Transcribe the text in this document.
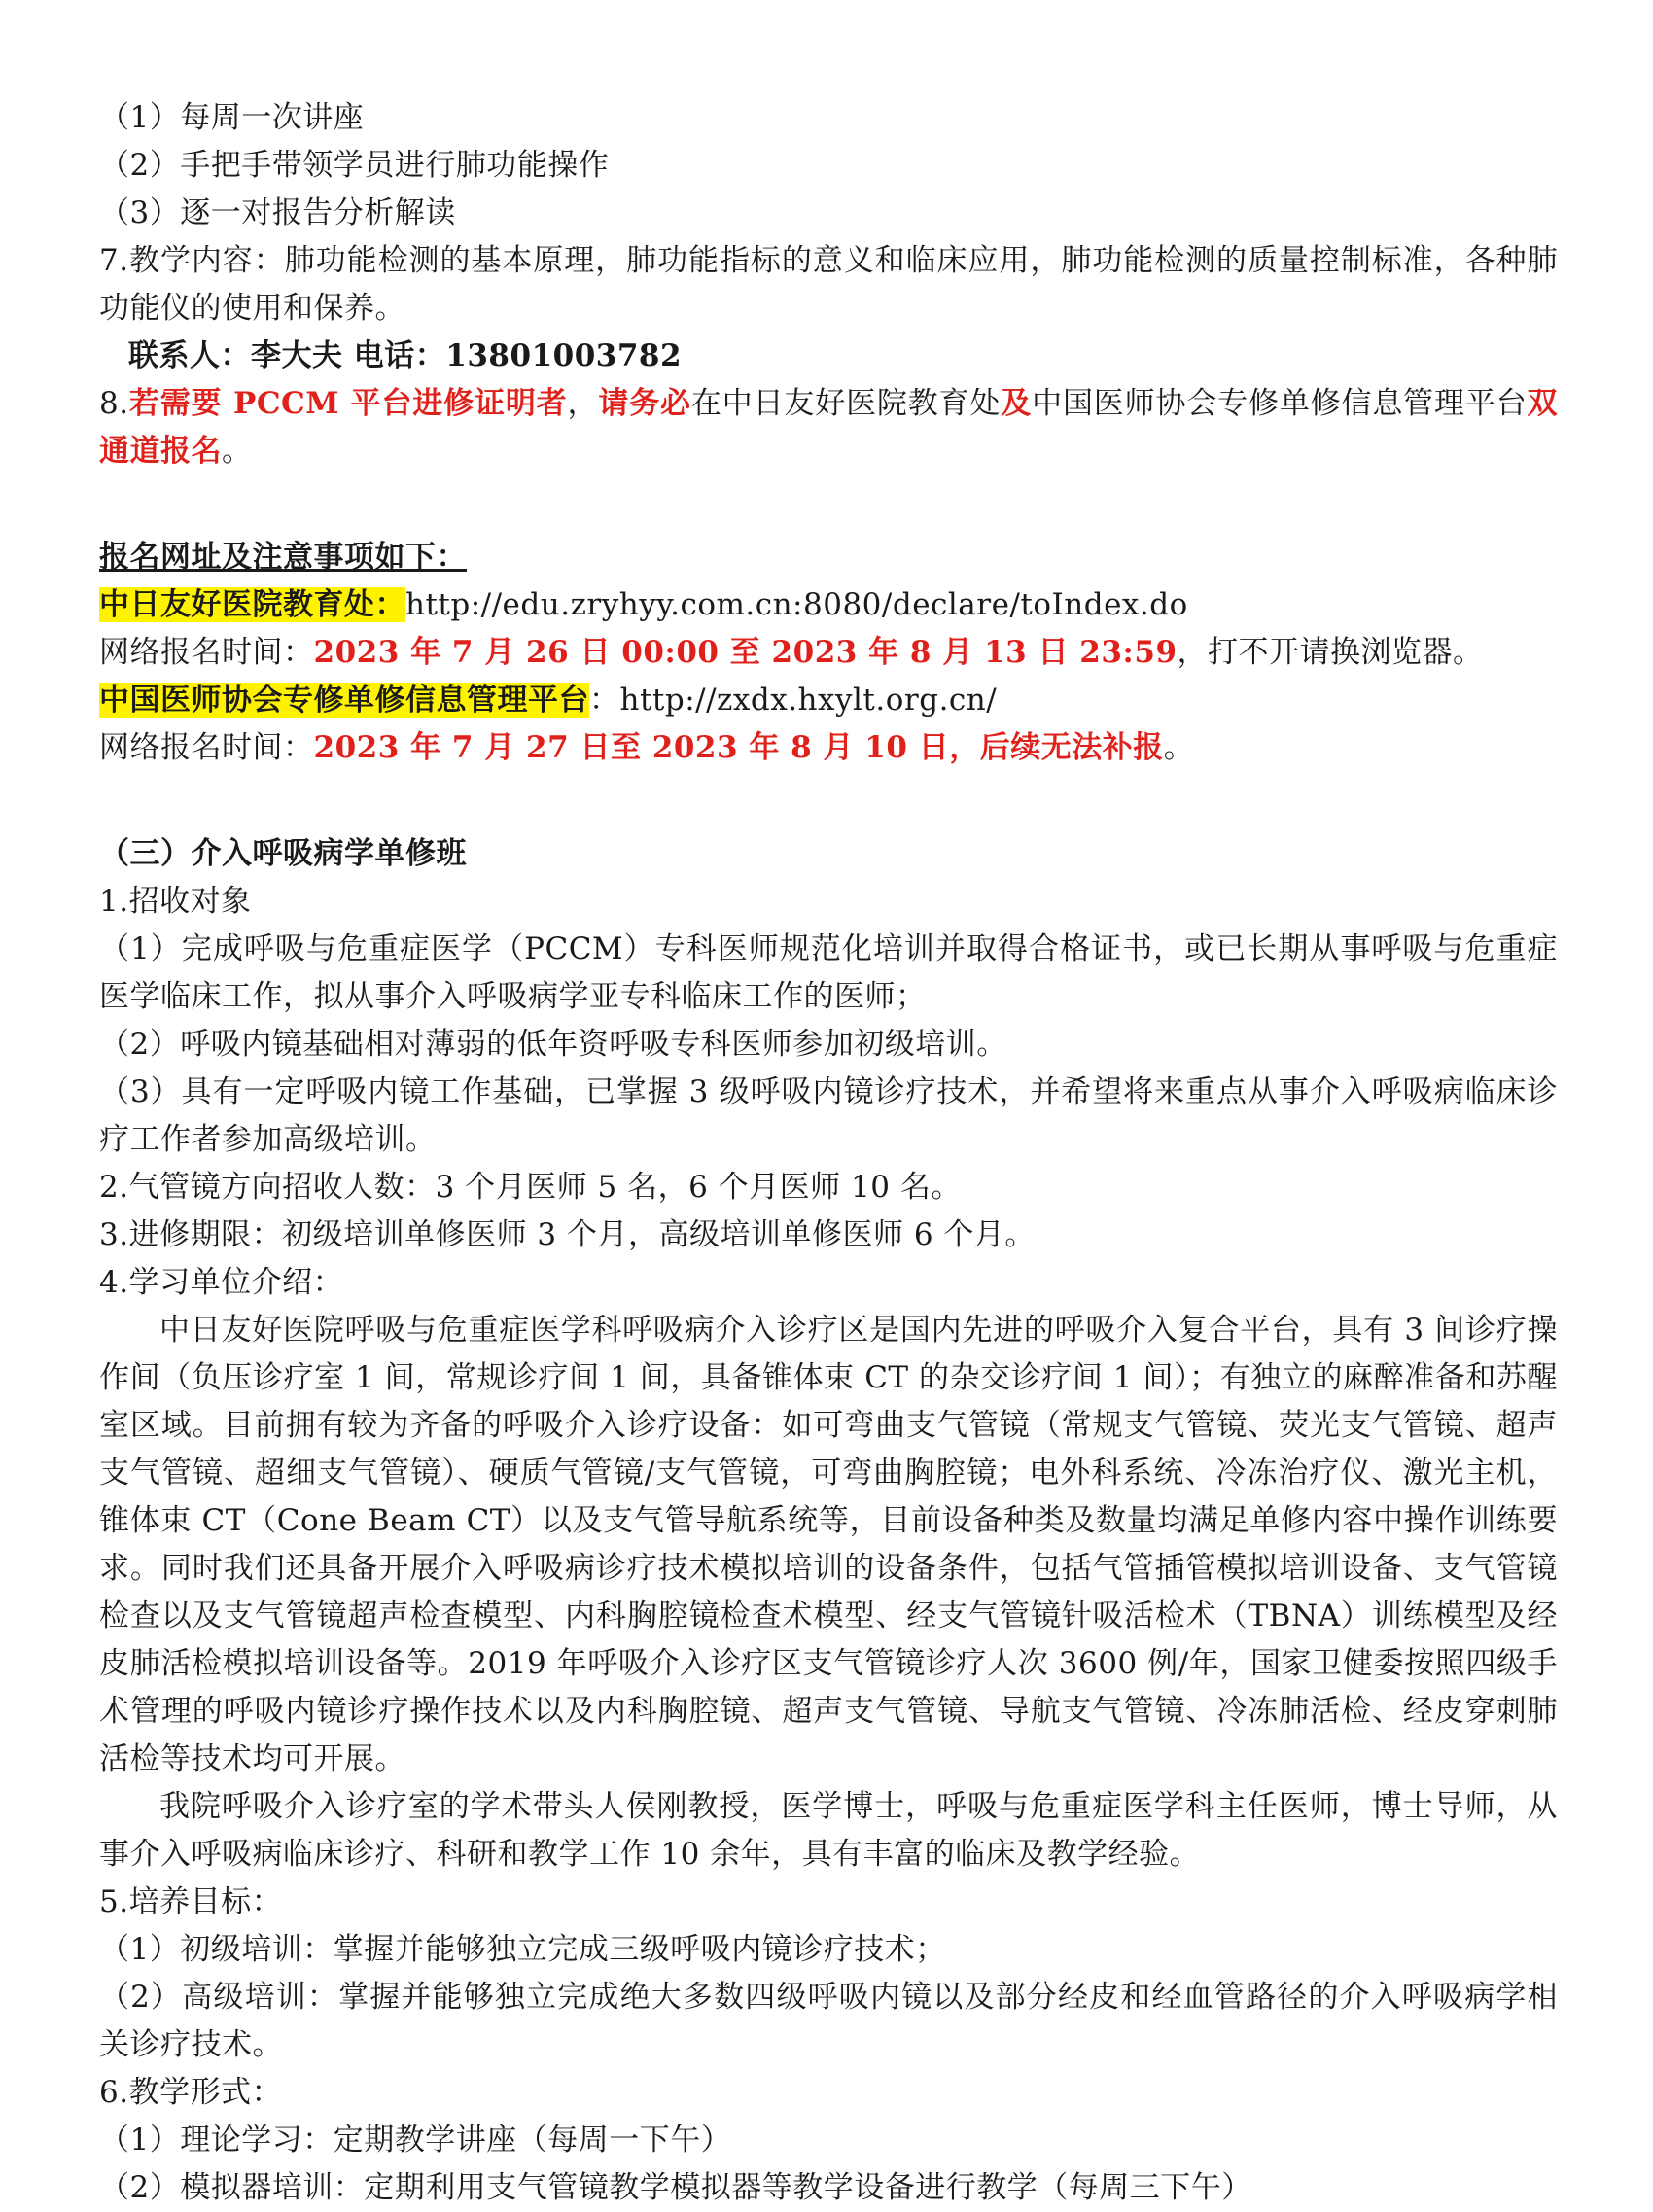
（1）每周一次讲座

（2）手把手带领学员进行肺功能操作

（3）逐一对报告分析解读

7.教学内容：肺功能检测的基本原理，肺功能指标的意义和临床应用，肺功能检测的质量控制标准，各种肺功能仪的使用和保养。

联系人：李大夫 电话：13801003782

8.若需要 PCCM 平台进修证明者，请务必在中日友好医院教育处及中国医师协会专修单修信息管理平台双通道报名。

报名网址及注意事项如下：

中日友好医院教育处：http://edu.zryhyy.com.cn:8080/declare/toIndex.do

网络报名时间：2023 年 7 月 26 日 00:00 至 2023 年 8 月 13 日 23:59，打不开请换浏览器。

中国医师协会专修单修信息管理平台：http://zxdx.hxylt.org.cn/

网络报名时间：2023 年 7 月 27 日至 2023 年 8 月 10 日，后续无法补报。

（三）介入呼吸病学单修班

1.招收对象

（1）完成呼吸与危重症医学（PCCM）专科医师规范化培训并取得合格证书，或已长期从事呼吸与危重症医学临床工作，拟从事介入呼吸病学亚专科临床工作的医师；

（2）呼吸内镜基础相对薄弱的低年资呼吸专科医师参加初级培训。

（3）具有一定呼吸内镜工作基础，已掌握 3 级呼吸内镜诊疗技术，并希望将来重点从事介入呼吸病临床诊疗工作者参加高级培训。

2.气管镜方向招收人数：3 个月医师 5 名，6 个月医师 10 名。

3.进修期限：初级培训单修医师 3 个月，高级培训单修医师 6 个月。

4.学习单位介绍：

中日友好医院呼吸与危重症医学科呼吸病介入诊疗区是国内先进的呼吸介入复合平台，具有 3 间诊疗操作间（负压诊疗室 1 间，常规诊疗间 1 间，具备锥体束 CT 的杂交诊疗间 1 间）；有独立的麻醉准备和苏醒室区域。目前拥有较为齐备的呼吸介入诊疗设备：如可弯曲支气管镜（常规支气管镜、荧光支气管镜、超声支气管镜、超细支气管镜）、硬质气管镜/支气管镜，可弯曲胸腔镜；电外科系统、冷冻治疗仪、激光主机，锥体束 CT（Cone Beam CT）以及支气管导航系统等，目前设备种类及数量均满足单修内容中操作训练要求。同时我们还具备开展介入呼吸病诊疗技术模拟培训的设备条件，包括气管插管模拟培训设备、支气管镜检查以及支气管镜超声检查模型、内科胸腔镜检查术模型、经支气管镜针吸活检术（TBNA）训练模型及经皮肺活检模拟培训设备等。2019 年呼吸介入诊疗区支气管镜诊疗人次 3600 例/年，国家卫健委按照四级手术管理的呼吸内镜诊疗操作技术以及内科胸腔镜、超声支气管镜、导航支气管镜、冷冻肺活检、经皮穿刺肺活检等技术均可开展。

我院呼吸介入诊疗室的学术带头人侯刚教授，医学博士，呼吸与危重症医学科主任医师，博士导师，从事介入呼吸病临床诊疗、科研和教学工作 10 余年，具有丰富的临床及教学经验。

5.培养目标：

（1）初级培训：掌握并能够独立完成三级呼吸内镜诊疗技术；

（2）高级培训：掌握并能够独立完成绝大多数四级呼吸内镜以及部分经皮和经血管路径的介入呼吸病学相关诊疗技术。

6.教学形式：

（1）理论学习：定期教学讲座（每周一下午）

（2）模拟器培训：定期利用支气管镜教学模拟器等教学设备进行教学（每周三下午）
